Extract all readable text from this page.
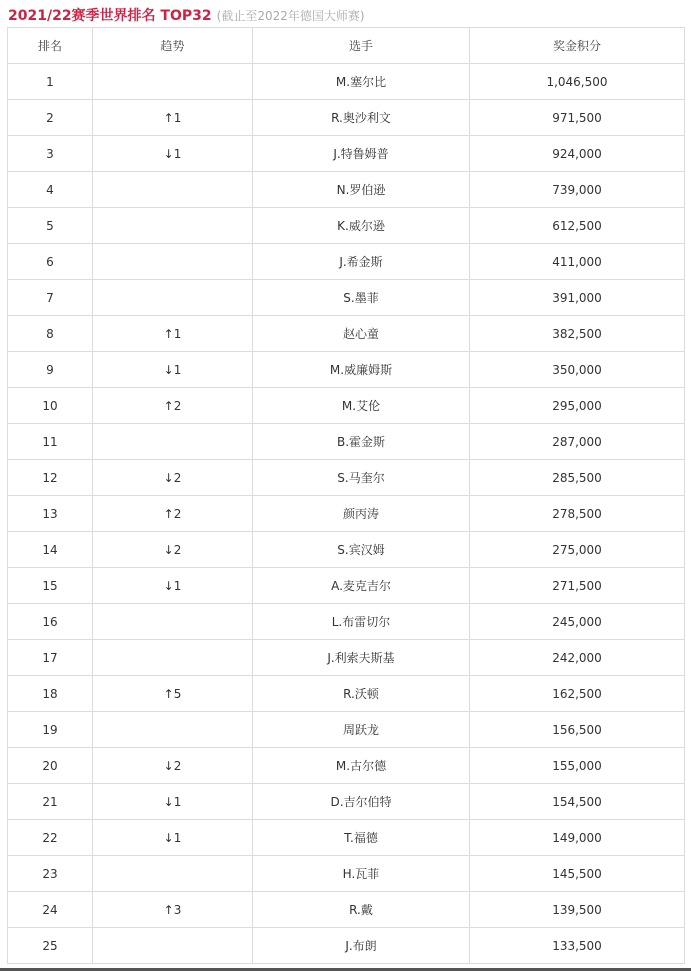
2021/22赛季世界排名 TOP32 (截止至2022年德国大师赛)
排名	趋势	选手	奖金积分
1		M.塞尔比	1,046,500
2	↑1	R.奥沙利文	971,500
3	↓1	J.特鲁姆普	924,000
4		N.罗伯逊	739,000
5		K.威尔逊	612,500
6		J.希金斯	411,000
7		S.墨菲	391,000
8	↑1	赵心童	382,500
9	↓1	M.威廉姆斯	350,000
10	↑2	M.艾伦	295,000
11		B.霍金斯	287,000
12	↓2	S.马奎尔	285,500
13	↑2	颜丙涛	278,500
14	↓2	S.宾汉姆	275,000
15	↓1	A.麦克吉尔	271,500
16		L.布雷切尔	245,000
17		J.利索夫斯基	242,000
18	↑5	R.沃顿	162,500
19		周跃龙	156,500
20	↓2	M.古尔德	155,000
21	↓1	D.吉尔伯特	154,500
22	↓1	T.福德	149,000
23		H.瓦菲	145,500
24	↑3	R.戴	139,500
25		J.布朗	133,500
